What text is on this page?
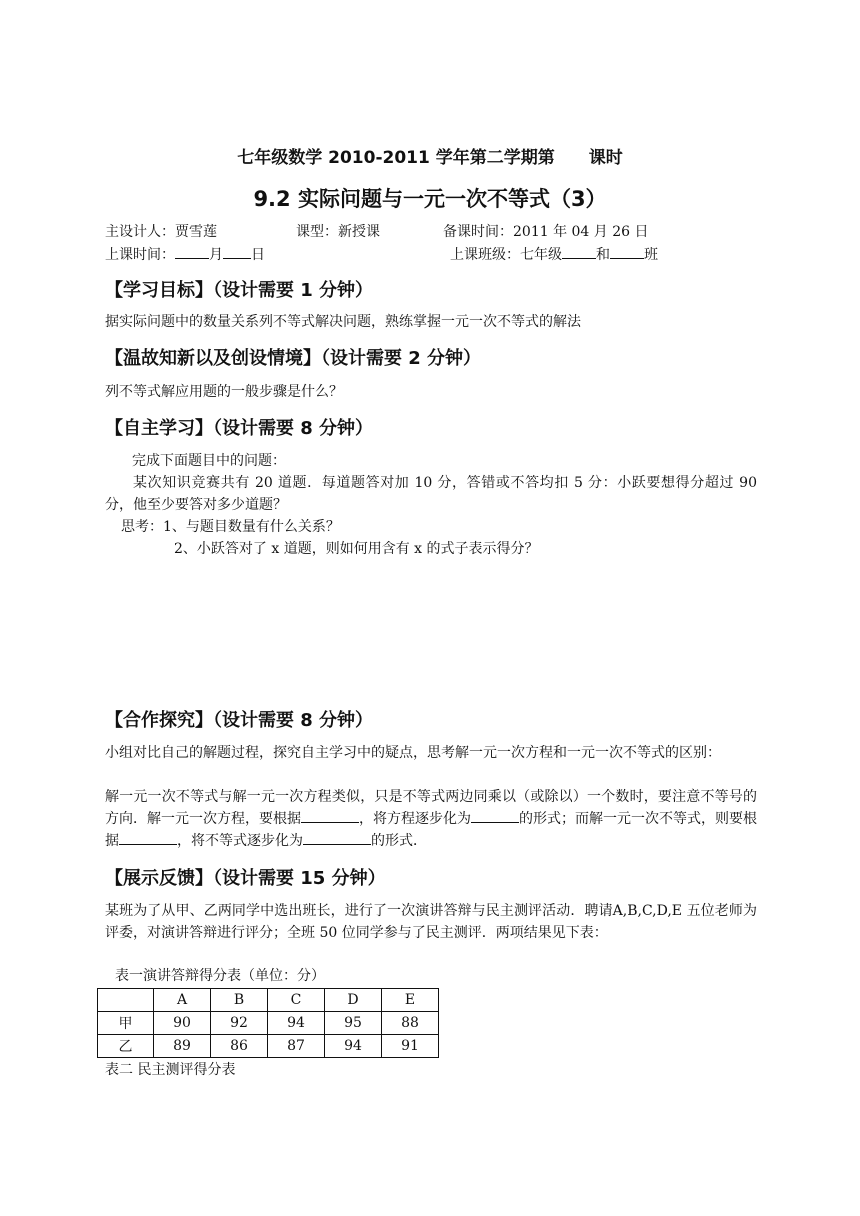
七年级数学 2010-2011 学年第二学期第 课时
9.2 实际问题与一元一次不等式（3）
主设计人：贾雪莲	课型：新授课	备课时间：2011 年 04 月 26 日
上课时间： 月 日	上课班级：七年级 和 班
【学习目标】（设计需要 1 分钟）
据实际问题中的数量关系列不等式解决问题，熟练掌握一元一次不等式的解法
【温故知新以及创设情境】（设计需要 2 分钟）
列不等式解应用题的一般步骤是什么？
【自主学习】（设计需要 8 分钟）
完成下面题目中的问题：
某次知识竞赛共有 20 道题．每道题答对加 10 分，答错或不答均扣 5 分：小跃要想得分超过 90 分，他至少要答对多少道题？
思考：1、与题目数量有什么关系？
2、小跃答对了 x 道题，则如何用含有 x 的式子表示得分？
【合作探究】（设计需要 8 分钟）
小组对比自己的解题过程，探究自主学习中的疑点，思考解一元一次方程和一元一次不等式的区别：
解一元一次不等式与解一元一次方程类似，只是不等式两边同乘以（或除以）一个数时，要注意不等号的方向．解一元一次方程，要根据	，将方程逐步化为	的形式；而解一元一次不等式，则要根据	，将不等式逐步化为	的形式．
【展示反馈】（设计需要 15 分钟）
某班为了从甲、乙两同学中选出班长，进行了一次演讲答辩与民主测评活动．聘请A,B,C,D,E 五位老师为评委，对演讲答辩进行评分；全班 50 位同学参与了民主测评．两项结果见下表：
表一演讲答辩得分表（单位：分）
	A	B	C	D	E
甲	90	92	94	95	88
乙	89	86	87	94	91
表二 民主测评得分表
